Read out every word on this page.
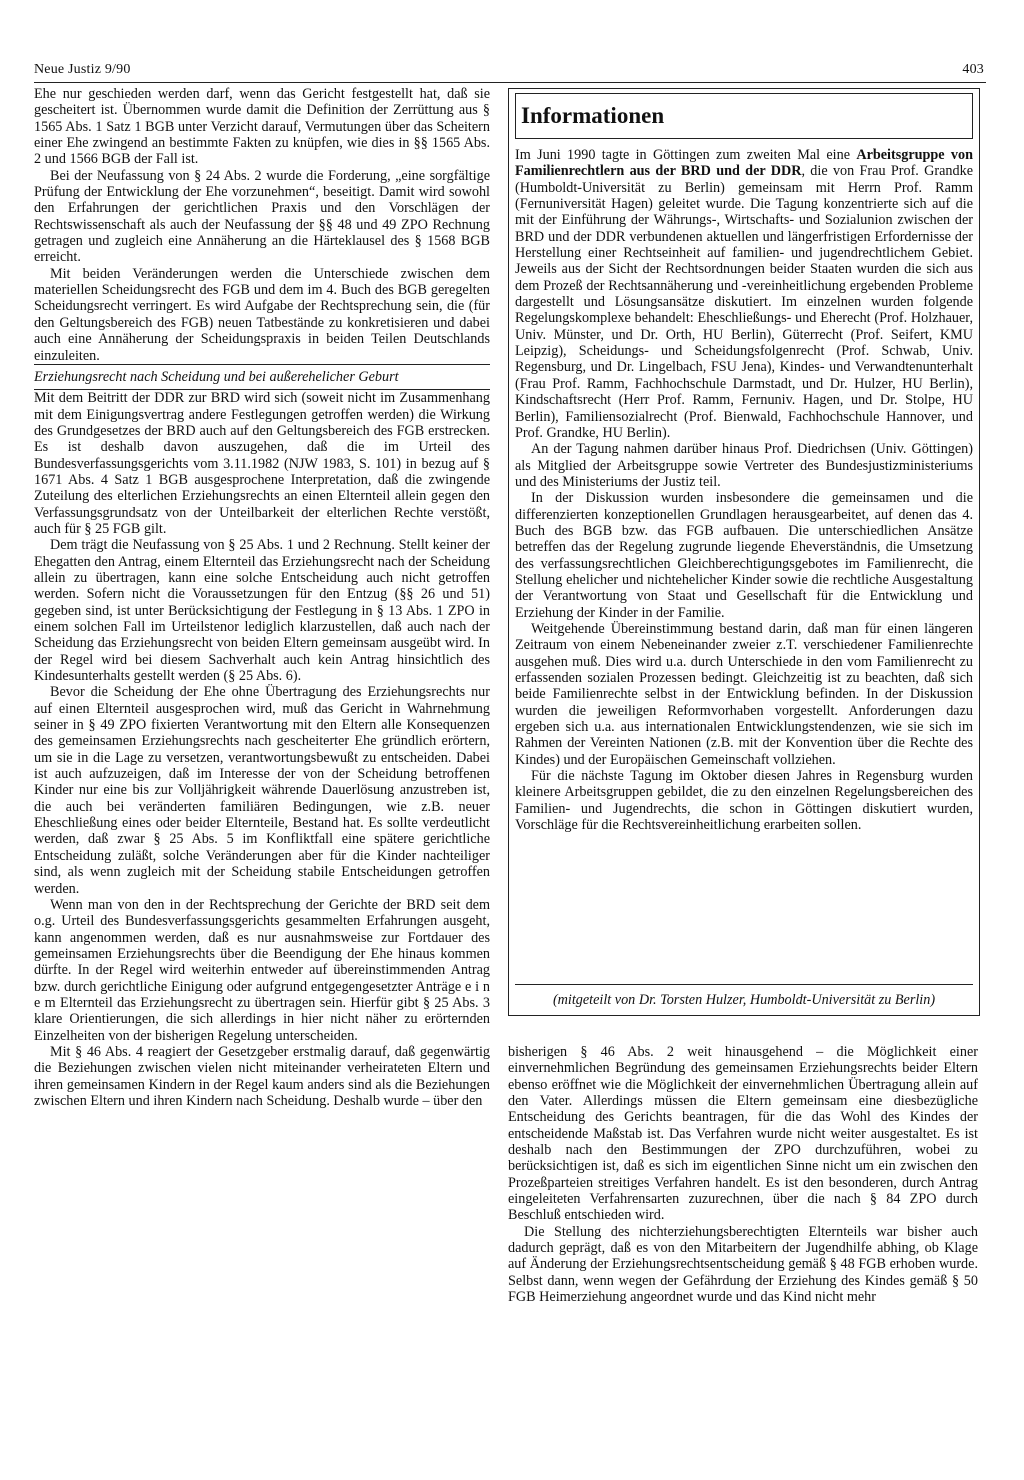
Neue Justiz 9/90	403

Ehe nur geschieden werden darf, wenn das Gericht festgestellt hat, daß sie gescheitert ist. Übernommen wurde damit die Definition der Zerrüttung aus § 1565 Abs. 1 Satz 1 BGB unter Verzicht darauf, Vermutungen über das Scheitern einer Ehe zwingend an bestimmte Fakten zu knüpfen, wie dies in §§ 1565 Abs. 2 und 1566 BGB der Fall ist.

Bei der Neufassung von § 24 Abs. 2 wurde die Forderung, „eine sorgfältige Prüfung der Entwicklung der Ehe vorzunehmen“, beseitigt. Damit wird sowohl den Erfahrungen der gerichtlichen Praxis und den Vorschlägen der Rechtswissenschaft als auch der Neufassung der §§ 48 und 49 ZPO Rechnung getragen und zugleich eine Annäherung an die Härteklausel des § 1568 BGB erreicht.

Mit beiden Veränderungen werden die Unterschiede zwischen dem materiellen Scheidungsrecht des FGB und dem im 4. Buch des BGB geregelten Scheidungsrecht verringert. Es wird Aufgabe der Rechtsprechung sein, die (für den Geltungsbereich des FGB) neuen Tatbestände zu konkretisieren und dabei auch eine Annäherung der Scheidungspraxis in beiden Teilen Deutschlands einzuleiten.

Erziehungsrecht nach Scheidung und bei außerehelicher Geburt

Mit dem Beitritt der DDR zur BRD wird sich (soweit nicht im Zusammenhang mit dem Einigungsvertrag andere Festlegungen getroffen werden) die Wirkung des Grundgesetzes der BRD auch auf den Geltungsbereich des FGB erstrecken. Es ist deshalb davon auszugehen, daß die im Urteil des Bundesverfassungsgerichts vom 3.11.1982 (NJW 1983, S. 101) in bezug auf § 1671 Abs. 4 Satz 1 BGB ausgesprochene Interpretation, daß die zwingende Zuteilung des elterlichen Erziehungsrechts an einen Elternteil allein gegen den Verfassungsgrundsatz von der Unteilbarkeit der elterlichen Rechte verstößt, auch für § 25 FGB gilt.

Dem trägt die Neufassung von § 25 Abs. 1 und 2 Rechnung. Stellt keiner der Ehegatten den Antrag, einem Elternteil das Erziehungsrecht nach der Scheidung allein zu übertragen, kann eine solche Entscheidung auch nicht getroffen werden. Sofern nicht die Voraussetzungen für den Entzug (§§ 26 und 51) gegeben sind, ist unter Berücksichtigung der Festlegung in § 13 Abs. 1 ZPO in einem solchen Fall im Urteilstenor lediglich klarzustellen, daß auch nach der Scheidung das Erziehungsrecht von beiden Eltern gemeinsam ausgeübt wird. In der Regel wird bei diesem Sachverhalt auch kein Antrag hinsichtlich des Kindesunterhalts gestellt werden (§ 25 Abs. 6).

Bevor die Scheidung der Ehe ohne Übertragung des Erziehungsrechts nur auf einen Elternteil ausgesprochen wird, muß das Gericht in Wahrnehmung seiner in § 49 ZPO fixierten Verantwortung mit den Eltern alle Konsequenzen des gemeinsamen Erziehungsrechts nach gescheiterter Ehe gründlich erörtern, um sie in die Lage zu versetzen, verantwortungsbewußt zu entscheiden. Dabei ist auch aufzuzeigen, daß im Interesse der von der Scheidung betroffenen Kinder nur eine bis zur Volljährigkeit währende Dauerlösung anzustreben ist, die auch bei veränderten familiären Bedingungen, wie z.B. neuer Eheschließung eines oder beider Elternteile, Bestand hat. Es sollte verdeutlicht werden, daß zwar § 25 Abs. 5 im Konfliktfall eine spätere gerichtliche Entscheidung zuläßt, solche Veränderungen aber für die Kinder nachteiliger sind, als wenn zugleich mit der Scheidung stabile Entscheidungen getroffen werden.

Wenn man von den in der Rechtsprechung der Gerichte der BRD seit dem o.g. Urteil des Bundesverfassungsgerichts gesammelten Erfahrungen ausgeht, kann angenommen werden, daß es nur ausnahmsweise zur Fortdauer des gemeinsamen Erziehungsrechts über die Beendigung der Ehe hinaus kommen dürfte. In der Regel wird weiterhin entweder auf übereinstimmenden Antrag bzw. durch gerichtliche Einigung oder aufgrund entgegengesetzter Anträge e i n e m Elternteil das Erziehungsrecht zu übertragen sein. Hierfür gibt § 25 Abs. 3 klare Orientierungen, die sich allerdings in hier nicht näher zu erörternden Einzelheiten von der bisherigen Regelung unterscheiden.

Mit § 46 Abs. 4 reagiert der Gesetzgeber erstmalig darauf, daß gegenwärtig die Beziehungen zwischen vielen nicht miteinander verheirateten Eltern und ihren gemeinsamen Kindern in der Regel kaum anders sind als die Beziehungen zwischen Eltern und ihren Kindern nach Scheidung. Deshalb wurde – über den

Informationen

Im Juni 1990 tagte in Göttingen zum zweiten Mal eine Arbeitsgruppe von Familienrechtlern aus der BRD und der DDR, die von Frau Prof. Grandke (Humboldt-Universität zu Berlin) gemeinsam mit Herrn Prof. Ramm (Fernuniversität Hagen) geleitet wurde. Die Tagung konzentrierte sich auf die mit der Einführung der Währungs-, Wirtschafts- und Sozialunion zwischen der BRD und der DDR verbundenen aktuellen und längerfristigen Erfordernisse der Herstellung einer Rechtseinheit auf familien- und jugendrechtlichem Gebiet. Jeweils aus der Sicht der Rechtsordnungen beider Staaten wurden die sich aus dem Prozeß der Rechtsannäherung und -vereinheitlichung ergebenden Probleme dargestellt und Lösungsansätze diskutiert. Im einzelnen wurden folgende Regelungskomplexe behandelt: Eheschließungs- und Eherecht (Prof. Holzhauer, Univ. Münster, und Dr. Orth, HU Berlin), Güterrecht (Prof. Seifert, KMU Leipzig), Scheidungs- und Scheidungsfolgenrecht (Prof. Schwab, Univ. Regensburg, und Dr. Lingelbach, FSU Jena), Kindes- und Verwandtenunterhalt (Frau Prof. Ramm, Fachhochschule Darmstadt, und Dr. Hulzer, HU Berlin), Kindschaftsrecht (Herr Prof. Ramm, Fernuniv. Hagen, und Dr. Stolpe, HU Berlin), Familiensozialrecht (Prof. Bienwald, Fachhochschule Hannover, und Prof. Grandke, HU Berlin).

An der Tagung nahmen darüber hinaus Prof. Diedrichsen (Univ. Göttingen) als Mitglied der Arbeitsgruppe sowie Vertreter des Bundesjustizministeriums und des Ministeriums der Justiz teil.

In der Diskussion wurden insbesondere die gemeinsamen und die differenzierten konzeptionellen Grundlagen herausgearbeitet, auf denen das 4. Buch des BGB bzw. das FGB aufbauen. Die unterschiedlichen Ansätze betreffen das der Regelung zugrunde liegende Eheverständnis, die Umsetzung des verfassungsrechtlichen Gleichberechtigungsgebotes im Familienrecht, die Stellung ehelicher und nichtehelicher Kinder sowie die rechtliche Ausgestaltung der Verantwortung von Staat und Gesellschaft für die Entwicklung und Erziehung der Kinder in der Familie.

Weitgehende Übereinstimmung bestand darin, daß man für einen längeren Zeitraum von einem Nebeneinander zweier z.T. verschiedener Familienrechte ausgehen muß. Dies wird u.a. durch Unterschiede in den vom Familienrecht zu erfassenden sozialen Prozessen bedingt. Gleichzeitig ist zu beachten, daß sich beide Familienrechte selbst in der Entwicklung befinden. In der Diskussion wurden die jeweiligen Reformvorhaben vorgestellt. Anforderungen dazu ergeben sich u.a. aus internationalen Entwicklungstendenzen, wie sie sich im Rahmen der Vereinten Nationen (z.B. mit der Konvention über die Rechte des Kindes) und der Europäischen Gemeinschaft vollziehen.

Für die nächste Tagung im Oktober diesen Jahres in Regensburg wurden kleinere Arbeitsgruppen gebildet, die zu den einzelnen Regelungsbereichen des Familien- und Jugendrechts, die schon in Göttingen diskutiert wurden, Vorschläge für die Rechtsvereinheitlichung erarbeiten sollen.

(mitgeteilt von Dr. Torsten Hulzer, Humboldt-Universität zu Berlin)

bisherigen § 46 Abs. 2 weit hinausgehend – die Möglichkeit einer einvernehmlichen Begründung des gemeinsamen Erziehungsrechts beider Eltern ebenso eröffnet wie die Möglichkeit der einvernehmlichen Übertragung allein auf den Vater. Allerdings müssen die Eltern gemeinsam eine diesbezügliche Entscheidung des Gerichts beantragen, für die das Wohl des Kindes der entscheidende Maßstab ist. Das Verfahren wurde nicht weiter ausgestaltet. Es ist deshalb nach den Bestimmungen der ZPO durchzuführen, wobei zu berücksichtigen ist, daß es sich im eigentlichen Sinne nicht um ein zwischen den Prozeßparteien streitiges Verfahren handelt. Es ist den besonderen, durch Antrag eingeleiteten Verfahrensarten zuzurechnen, über die nach § 84 ZPO durch Beschluß entschieden wird.

Die Stellung des nichterziehungsberechtigten Elternteils war bisher auch dadurch geprägt, daß es von den Mitarbeitern der Jugendhilfe abhing, ob Klage auf Änderung der Erziehungsrechtsentscheidung gemäß § 48 FGB erhoben wurde. Selbst dann, wenn wegen der Gefährdung der Erziehung des Kindes gemäß § 50 FGB Heimerziehung angeordnet wurde und das Kind nicht mehr
